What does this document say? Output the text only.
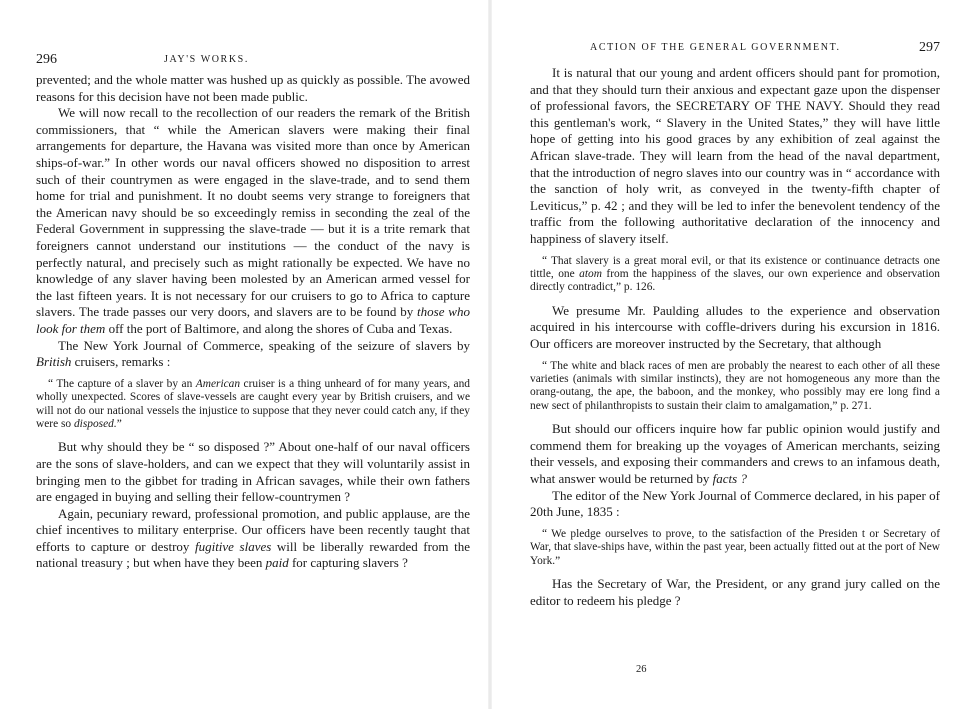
296	JAY'S WORKS.

prevented; and the whole matter was hushed up as quickly as possible. The avowed reasons for this decision have not been made public.

We will now recall to the recollection of our readers the remark of the British commissioners, that “ while the American slavers were making their final arrangements for departure, the Havana was visited more than once by American ships-of-war.” In other words our naval officers showed no disposition to arrest such of their countrymen as were engaged in the slave-trade, and to send them home for trial and punishment. It no doubt seems very strange to foreigners that the American navy should be so exceedingly remiss in seconding the zeal of the Federal Government in suppressing the slave-trade — but it is a trite remark that foreigners cannot understand our institutions — the conduct of the navy is perfectly natural, and precisely such as might rationally be expected. We have no knowledge of any slaver having been molested by an American armed vessel for the last fifteen years. It is not necessary for our cruisers to go to Africa to capture slavers. The trade passes our very doors, and slavers are to be found by those who look for them off the port of Baltimore, and along the shores of Cuba and Texas.

The New York Journal of Commerce, speaking of the seizure of slavers by British cruisers, remarks :

“ The capture of a slaver by an American cruiser is a thing unheard of for many years, and wholly unexpected. Scores of slave-vessels are caught every year by British cruisers, and we will not do our national vessels the injustice to suppose that they never could catch any, if they were so disposed.”

But why should they be “ so disposed ?” About one-half of our naval officers are the sons of slave-holders, and can we expect that they will voluntarily assist in bringing men to the gibbet for trading in African savages, while their own fathers are engaged in buying and selling their fellow-countrymen ?

Again, pecuniary reward, professional promotion, and public applause, are the chief incentives to military enterprise. Our officers have been recently taught that efforts to capture or destroy fugitive slaves will be liberally rewarded from the national treasury ; but when have they been paid for capturing slavers ?

ACTION OF THE GENERAL GOVERNMENT.	297

It is natural that our young and ardent officers should pant for promotion, and that they should turn their anxious and expectant gaze upon the dispenser of professional favors, the SECRETARY OF THE NAVY. Should they read this gentleman's work, “ Slavery in the United States,” they will have little hope of getting into his good graces by any exhibition of zeal against the African slave-trade. They will learn from the head of the naval department, that the introduction of negro slaves into our country was in “ accordance with the sanction of holy writ, as conveyed in the twenty-fifth chapter of Leviticus,” p. 42 ; and they will be led to infer the benevolent tendency of the traffic from the following authoritative declaration of the innocency and happiness of slavery itself.

“ That slavery is a great moral evil, or that its existence or continuance detracts one tittle, one atom from the happiness of the slaves, our own experience and observation directly contradict,” p. 126.

We presume Mr. Paulding alludes to the experience and observation acquired in his intercourse with coffle-drivers during his excursion in 1816. Our officers are moreover instructed by the Secretary, that although

“ The white and black races of men are probably the nearest to each other of all these varieties (animals with similar instincts), they are not homogeneous any more than the orang-outang, the ape, the baboon, and the monkey, who possibly may ere long find a new sect of philanthropists to sustain their claim to amalgamation,” p. 271.

But should our officers inquire how far public opinion would justify and commend them for breaking up the voyages of American merchants, seizing their vessels, and exposing their commanders and crews to an infamous death, what answer would be returned by facts ?

The editor of the New York Journal of Commerce declared, in his paper of 20th June, 1835 :

“ We pledge ourselves to prove, to the satisfaction of the Presiden t or Secretary of War, that slave-ships have, within the past year, been actually fitted out at the port of New York.”

Has the Secretary of War, the President, or any grand jury called on the editor to redeem his pledge ?

26
